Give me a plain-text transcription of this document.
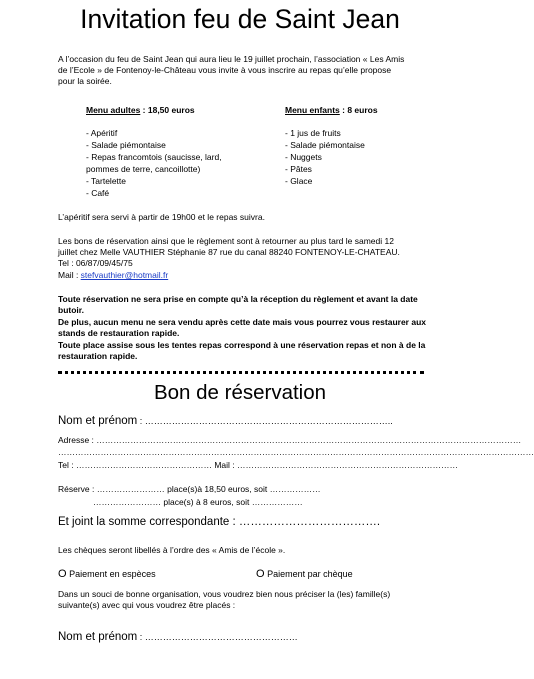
Invitation feu de Saint Jean
A l’occasion du feu de Saint Jean qui aura lieu le 19 juillet prochain, l’association « Les Amis
de l’Ecole » de Fontenoy-le-Château vous invite à vous inscrire au repas qu’elle propose
pour la soirée.
Menu adultes : 18,50 euros
- Apéritif
- Salade piémontaise
- Repas francomtois (saucisse, lard,
pommes de terre, cancoillotte)
- Tartelette
- Café
Menu enfants : 8 euros
- 1 jus de fruits
- Salade piémontaise
- Nuggets
- Pâtes
- Glace
L’apéritif sera servi à partir de 19h00 et le repas suivra.
Les bons de réservation ainsi que le règlement sont à retourner au plus tard le samedi 12
juillet chez Melle VAUTHIER Stéphanie 87 rue du canal 88240 FONTENOY-LE-CHATEAU.
Tel : 06/87/09/45/75
Mail : stefvauthier@hotmail.fr
Toute réservation ne sera prise en compte qu’à la réception du règlement et avant la date
butoir.
De plus, aucun menu ne sera vendu après cette date mais vous pourrez vous restaurer aux
stands de restauration rapide.
Toute place assise sous les tentes repas correspond à une réservation repas et non à de la
restauration rapide.
Bon de réservation
Nom et prénom : ………………………………………………………………………..
Adresse : ……………………………………………………………………………………………………………………………………
……………………………………………………………………………………………………………………………………………………
Tel : ………………………………………… Mail : ……………………………………………………………………
Réserve : …………………… place(s)à 18,50 euros, soit ………………
…………………… place(s) à 8 euros, soit ………………
Et joint la somme correspondante : ……………………………….
Les chèques seront libellés à l’ordre des « Amis de l’école ».
O Paiement en espèces	O Paiement par chèque
Dans un souci de bonne organisation, vous voudrez bien nous préciser la (les) famille(s)
suivante(s) avec qui vous voudrez être placés :
Nom et prénom : ……………………………………………
